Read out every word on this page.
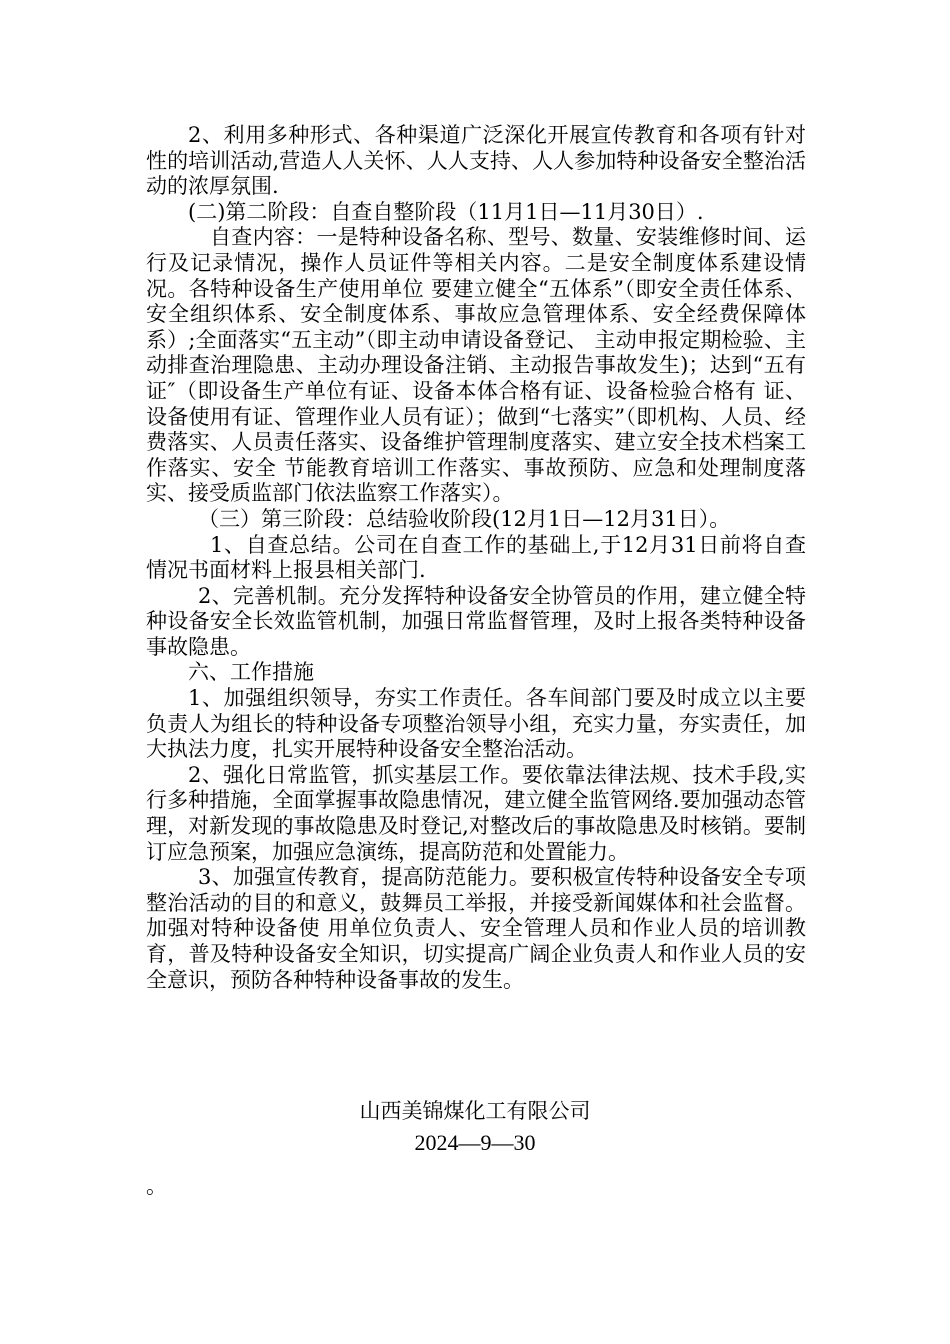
2、利用多种形式、各种渠道广泛深化开展宣传教育和各项有针对性的培训活动,营造人人关怀、人人支持、人人参加特种设备安全整治活动的浓厚氛围.

(二)第二阶段：自查自整阶段（11月1日—11月30日）.

自查内容：一是特种设备名称、型号、数量、安装维修时间、运行及记录情况，操作人员证件等相关内容。二是安全制度体系建设情况。各特种设备生产使用单位 要建立健全“五体系”（即安全责任体系、安全组织体系、安全制度体系、事故应急管理体系、安全经费保障体系）;全面落实“五主动”（即主动申请设备登记、 主动申报定期检验、主动排查治理隐患、主动办理设备注销、主动报告事故发生)；达到“五有证″（即设备生产单位有证、设备本体合格有证、设备检验合格有 证、设备使用有证、管理作业人员有证）；做到“七落实”（即机构、人员、经费落实、人员责任落实、设备维护管理制度落实、建立安全技术档案工作落实、安全 节能教育培训工作落实、事故预防、应急和处理制度落实、接受质监部门依法监察工作落实）。

（三）第三阶段：总结验收阶段(12月1日—12月31日）。

1、自查总结。公司在自查工作的基础上,于12月31日前将自查情况书面材料上报县相关部门.

2、完善机制。充分发挥特种设备安全协管员的作用，建立健全特种设备安全长效监管机制，加强日常监督管理，及时上报各类特种设备事故隐患。

六、工作措施

1、加强组织领导，夯实工作责任。各车间部门要及时成立以主要负责人为组长的特种设备专项整治领导小组，充实力量，夯实责任，加大执法力度，扎实开展特种设备安全整治活动。

2、强化日常监管，抓实基层工作。要依靠法律法规、技术手段,实行多种措施，全面掌握事故隐患情况，建立健全监管网络.要加强动态管理，对新发现的事故隐患及时登记,对整改后的事故隐患及时核销。要制订应急预案，加强应急演练，提高防范和处置能力。

3、加强宣传教育，提高防范能力。要积极宣传特种设备安全专项整治活动的目的和意义，鼓舞员工举报，并接受新闻媒体和社会监督。加强对特种设备使 用单位负责人、安全管理人员和作业人员的培训教育，普及特种设备安全知识，切实提高广阔企业负责人和作业人员的安全意识，预防各种特种设备事故的发生。

山西美锦煤化工有限公司
2024—9—30
。
